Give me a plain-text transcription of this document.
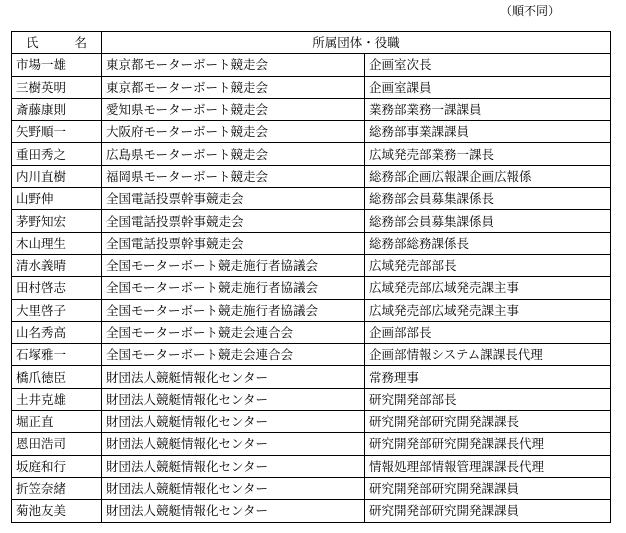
（順不同）
氏 名	所属団体・役職	
市場一雄	東京都モーターボート競走会	企画室次長
三樹英明	東京都モーターボート競走会	企画室課員
斎藤康則	愛知県モーターボート競走会	業務部業務一課課員
矢野順一	大阪府モーターボート競走会	総務部事業課課員
重田秀之	広島県モーターボート競走会	広域発売部業務一課長
内川直樹	福岡県モーターボート競走会	総務部企画広報課企画広報係
山野伸	全国電話投票幹事競走会	総務部会員募集課係長
茅野知宏	全国電話投票幹事競走会	総務部会員募集課係員
木山理生	全国電話投票幹事競走会	総務部総務課係長
清水義晴	全国モーターボート競走施行者協議会	広域発売部部長
田村啓志	全国モーターボート競走施行者協議会	広域発売部広域発売課主事
大里啓子	全国モーターボート競走施行者協議会	広域発売部広域発売課主事
山名秀高	全国モーターボート競走会連合会	企画部部長
石塚雅一	全国モーターボート競走会連合会	企画部情報システム課課長代理
橋爪徳臣	財団法人競艇情報化センター	常務理事
土井克雄	財団法人競艇情報化センター	研究開発部部長
堀正直	財団法人競艇情報化センター	研究開発部研究開発課課長
恩田浩司	財団法人競艇情報化センター	研究開発部研究開発課課長代理
坂庭和行	財団法人競艇情報化センター	情報処理部情報管理課課長代理
折笠奈緒	財団法人競艇情報化センター	研究開発部研究開発課課員
菊池友美	財団法人競艇情報化センター	研究開発部研究開発課課員
